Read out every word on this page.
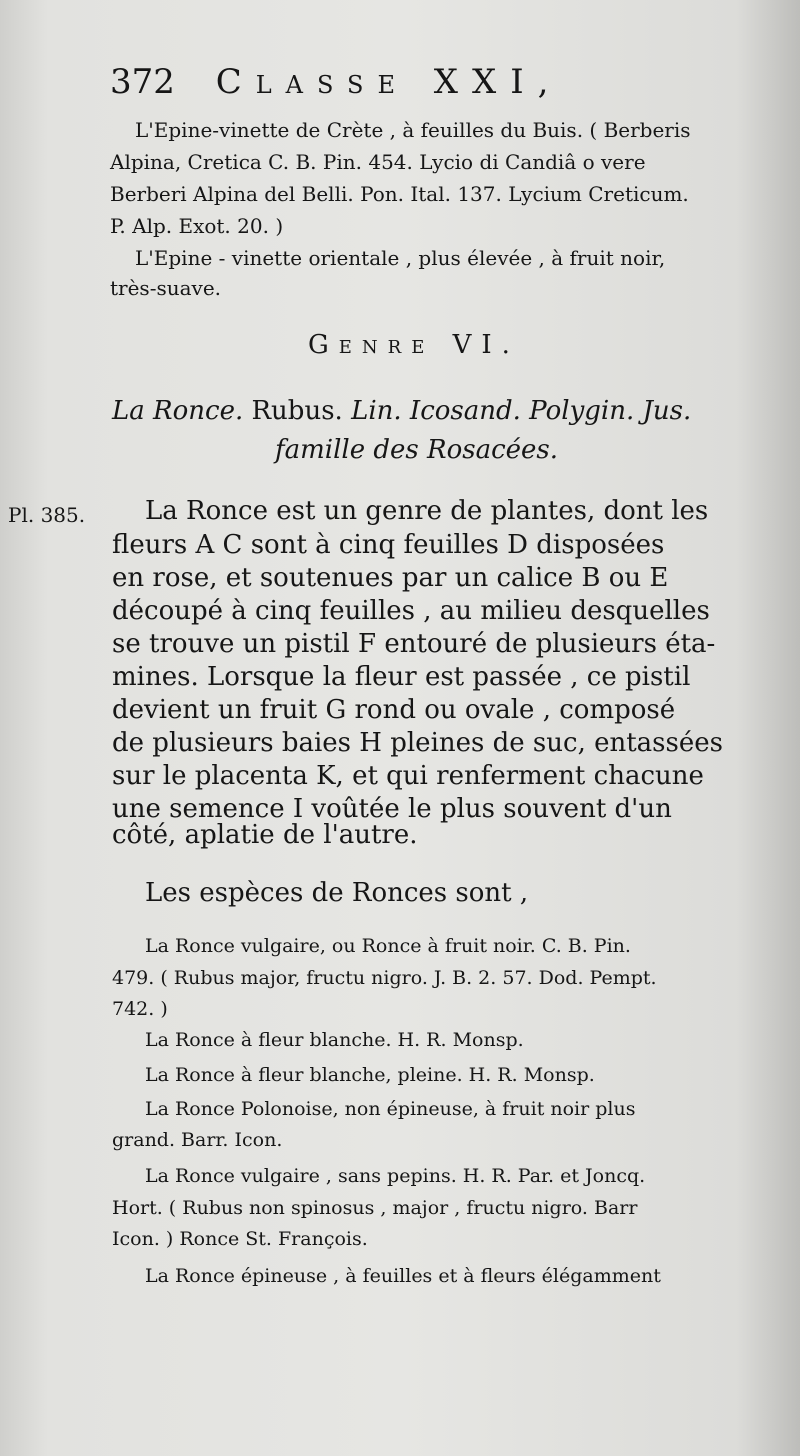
372 Classe XXI,
L'Epine-vinette de Crète , à feuilles du Buis. ( Berberis
Alpina, Cretica C. B. Pin. 454. Lycio di Candiâ o vere
Berberi Alpina del Belli. Pon. Ital. 137. Lycium Creticum.
P. Alp. Exot. 20. )
L'Epine - vinette orientale , plus élevée , à fruit noir,
très-suave.
Genre VI.
La Ronce. Rubus. Lin. Icosand. Polygin. Jus.
famille des Rosacées.
Pl. 385. La Ronce est un genre de plantes, dont les
fleurs A C sont à cinq feuilles D disposées
en rose, et soutenues par un calice B ou E
découpé à cinq feuilles , au milieu desquelles
se trouve un pistil F entouré de plusieurs éta-
mines. Lorsque la fleur est passée , ce pistil
devient un fruit G rond ou ovale , composé
de plusieurs baies H pleines de suc, entassées
sur le placenta K, et qui renferment chacune
une semence I voûtée le plus souvent d'un
côté, aplatie de l'autre.
Les espèces de Ronces sont ,
La Ronce vulgaire, ou Ronce à fruit noir. C. B. Pin.
479. ( Rubus major, fructu nigro. J. B. 2. 57. Dod. Pempt.
742. )
La Ronce à fleur blanche. H. R. Monsp.
La Ronce à fleur blanche, pleine. H. R. Monsp.
La Ronce Polonoise, non épineuse, à fruit noir plus
grand. Barr. Icon.
La Ronce vulgaire , sans pepins. H. R. Par. et Joncq.
Hort. ( Rubus non spinosus , major , fructu nigro. Barr
Icon. ) Ronce St. François.
La Ronce épineuse , à feuilles et à fleurs élégamment
